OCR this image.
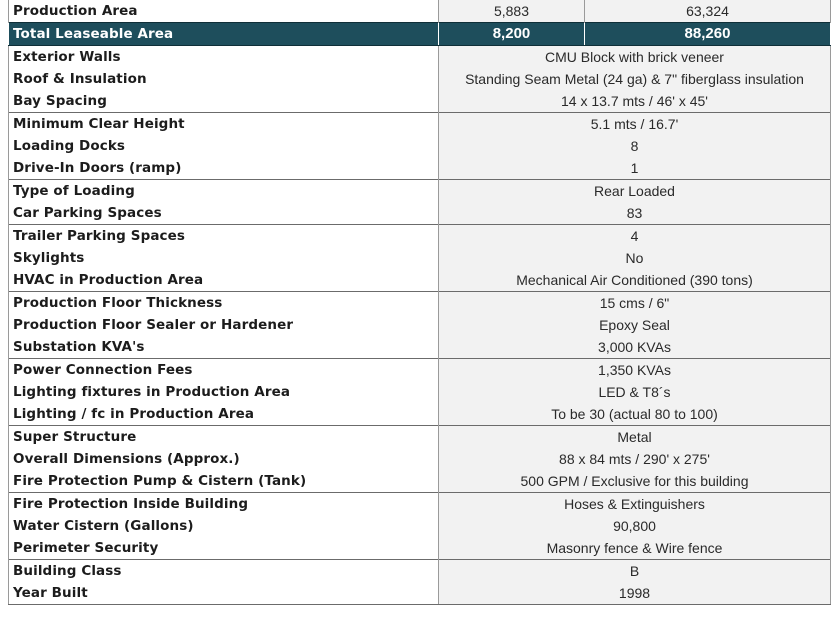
Production Area	5,883	63,324
Total Leaseable Area	8,200	88,260
Exterior Walls	CMU Block with brick veneer	
Roof & Insulation	Standing Seam Metal (24 ga) & 7" fiberglass insulation	
Bay Spacing	14 x 13.7 mts / 46' x 45'	
Minimum Clear Height	5.1 mts / 16.7'	
Loading Docks	8	
Drive-In Doors (ramp)	1	
Type of Loading	Rear Loaded	
Car Parking Spaces	83	
Trailer Parking Spaces	4	
Skylights	No	
HVAC in Production Area	Mechanical Air Conditioned (390 tons)	
Production Floor Thickness	15 cms / 6"	
Production Floor Sealer or Hardener	Epoxy Seal	
Substation KVA's	3,000 KVAs	
Power Connection Fees	1,350 KVAs	
Lighting fixtures in Production Area	LED & T8´s	
Lighting / fc in Production Area	To be 30 (actual 80 to 100)	
Super Structure	Metal	
Overall Dimensions (Approx.)	88 x 84 mts / 290' x 275'	
Fire Protection Pump & Cistern (Tank)	500 GPM / Exclusive for this building	
Fire Protection Inside Building	Hoses & Extinguishers	
Water Cistern (Gallons)	90,800	
Perimeter Security	Masonry fence & Wire fence	
Building Class	B	
Year Built	1998	
